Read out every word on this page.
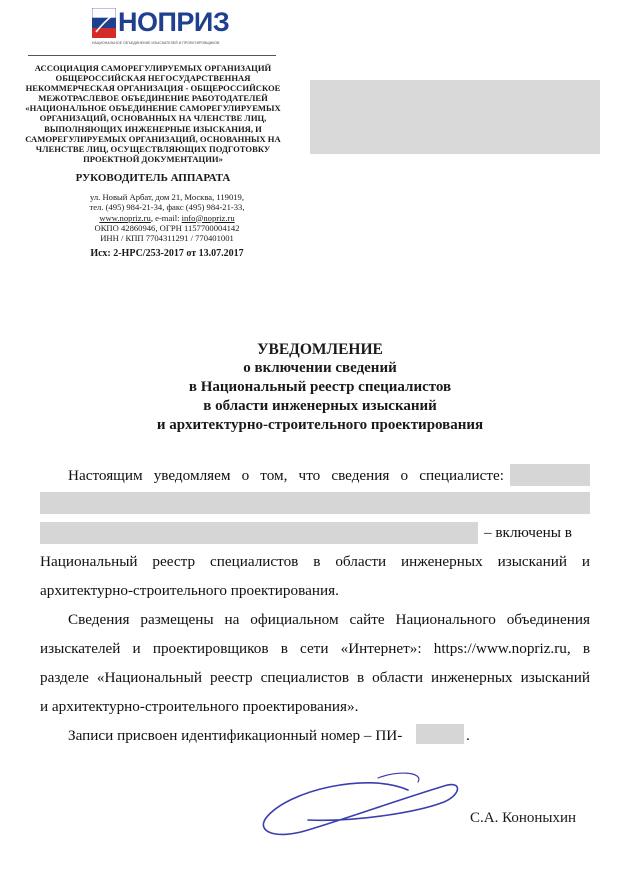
НОПРИЗ
НАЦИОНАЛЬНОЕ ОБЪЕДИНЕНИЕ ИЗЫСКАТЕЛЕЙ И ПРОЕКТИРОВЩИКОВ
АССОЦИАЦИЯ САМОРЕГУЛИРУЕМЫХ ОРГАНИЗАЦИЙ
ОБЩЕРОССИЙСКАЯ НЕГОСУДАРСТВЕННАЯ
НЕКОММЕРЧЕСКАЯ ОРГАНИЗАЦИЯ - ОБЩЕРОССИЙСКОЕ
МЕЖОТРАСЛЕВОЕ ОБЪЕДИНЕНИЕ РАБОТОДАТЕЛЕЙ
«НАЦИОНАЛЬНОЕ ОБЪЕДИНЕНИЕ САМОРЕГУЛИРУЕМЫХ
ОРГАНИЗАЦИЙ, ОСНОВАННЫХ НА ЧЛЕНСТВЕ ЛИЦ,
ВЫПОЛНЯЮЩИХ ИНЖЕНЕРНЫЕ ИЗЫСКАНИЯ, И
САМОРЕГУЛИРУЕМЫХ ОРГАНИЗАЦИЙ, ОСНОВАННЫХ НА
ЧЛЕНСТВЕ ЛИЦ, ОСУЩЕСТВЛЯЮЩИХ ПОДГОТОВКУ
ПРОЕКТНОЙ ДОКУМЕНТАЦИИ»
РУКОВОДИТЕЛЬ АППАРАТА
ул. Новый Арбат, дом 21, Москва, 119019,
тел. (495) 984-21-34, факс (495) 984-21-33,
www.nopriz.ru, e-mail: info@nopriz.ru
ОКПО 42860946, ОГРН 1157700004142
ИНН / КПП 7704311291 / 770401001
Исх: 2-НРС/253-2017 от 13.07.2017
УВЕДОМЛЕНИЕ
о включении сведений
в Национальный реестр специалистов
в области инженерных изысканий
и архитектурно-строительного проектирования
Настоящим уведомляем о том, что сведения о специалисте:
– включены в
Национальный реестр специалистов в области инженерных изысканий и
архитектурно-строительного проектирования.
Сведения размещены на официальном сайте Национального объединения
изыскателей и проектировщиков в сети «Интернет»: https://www.nopriz.ru, в
разделе «Национальный реестр специалистов в области инженерных изысканий
и архитектурно-строительного проектирования».
Записи присвоен идентификационный номер – ПИ-	.
С.А. Кононыхин
